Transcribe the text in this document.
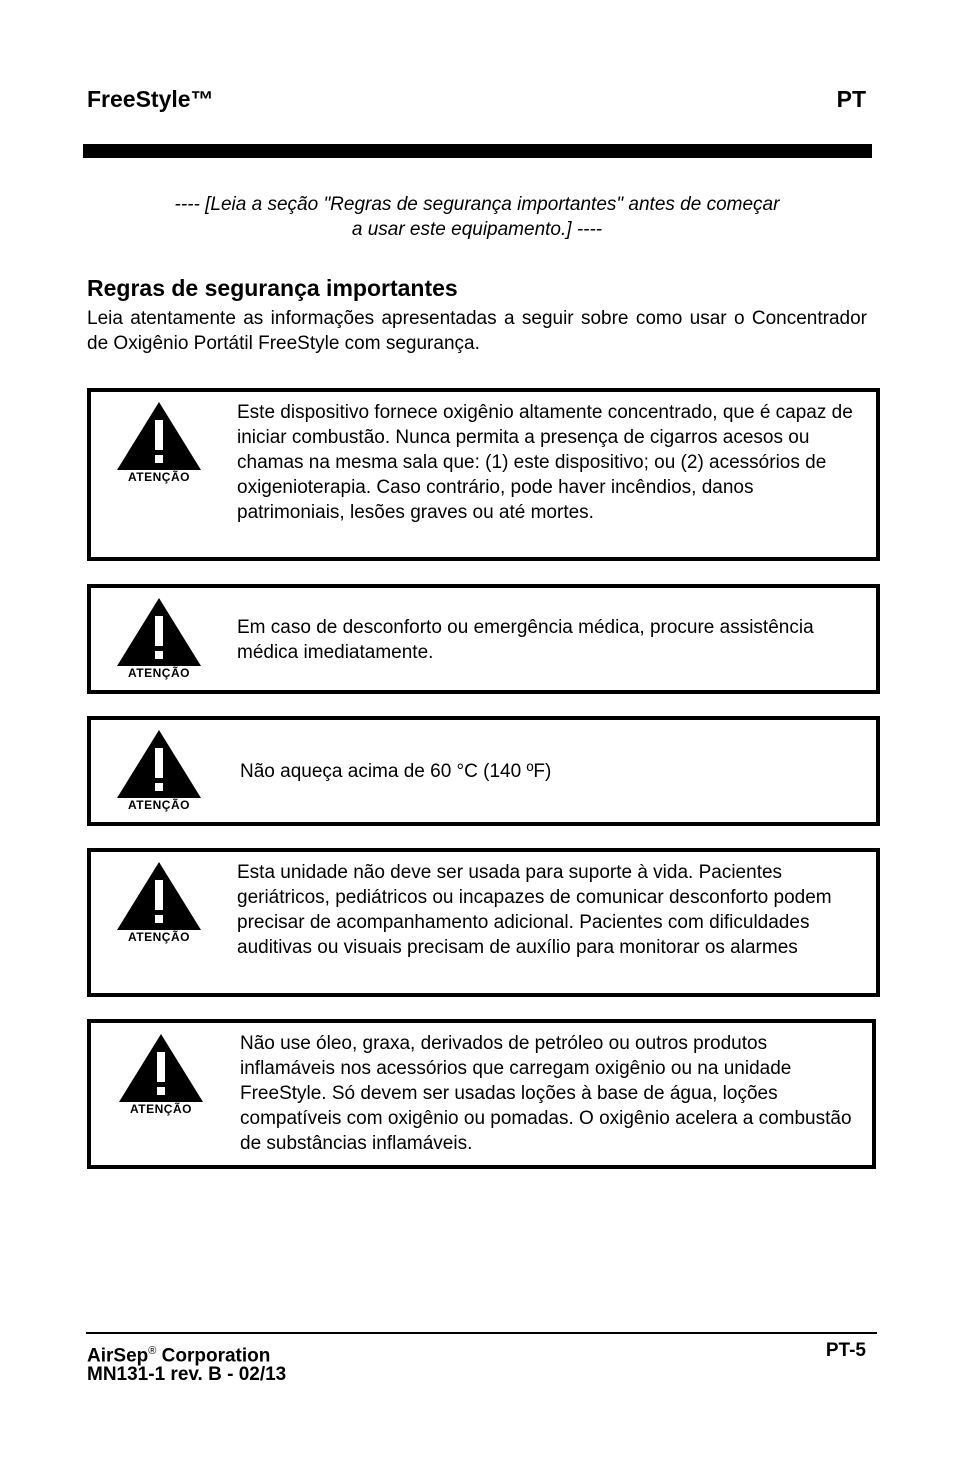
FreeStyle™	PT
---- [Leia a seção "Regras de segurança importantes" antes de começar
a usar este equipamento.] ----
Regras de segurança importantes
Leia atentamente as informações apresentadas a seguir sobre como usar o Concentrador de Oxigênio Portátil FreeStyle com segurança.
ATENÇÃO
Este dispositivo fornece oxigênio altamente concentrado, que é capaz de iniciar combustão. Nunca permita a presença de cigarros acesos ou chamas na mesma sala que: (1) este dispositivo; ou (2) acessórios de oxigenioterapia. Caso contrário, pode haver incêndios, danos patrimoniais, lesões graves ou até mortes.
ATENÇÃO
Em caso de desconforto ou emergência médica, procure assistência médica imediatamente.
ATENÇÃO
Não aqueça acima de 60 °C (140 ºF)
ATENÇÃO
Esta unidade não deve ser usada para suporte à vida. Pacientes geriátricos, pediátricos ou incapazes de comunicar desconforto podem precisar de acompanhamento adicional. Pacientes com dificuldades auditivas ou visuais precisam de auxílio para monitorar os alarmes
ATENÇÃO
Não use óleo, graxa, derivados de petróleo ou outros produtos inflamáveis nos acessórios que carregam oxigênio ou na unidade FreeStyle. Só devem ser usadas loções à base de água, loções compatíveis com oxigênio ou pomadas. O oxigênio acelera a combustão de substâncias inflamáveis.
AirSep® Corporation
MN131-1 rev. B - 02/13
PT-5
